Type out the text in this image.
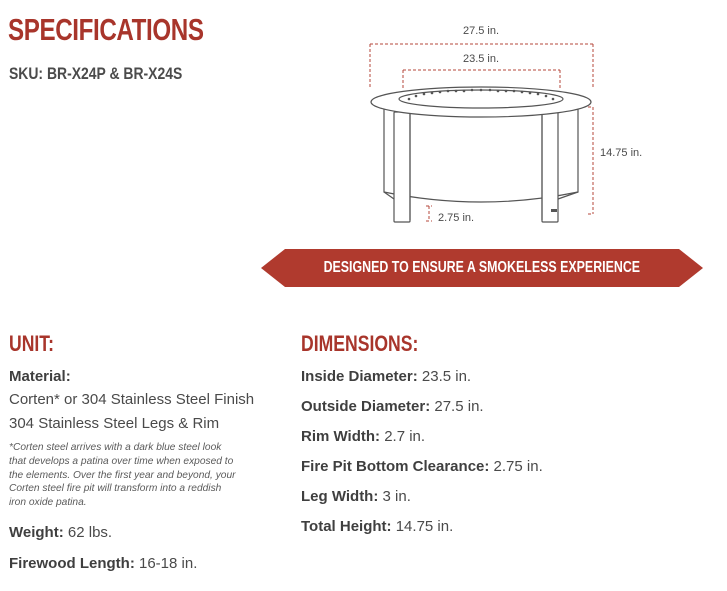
SPECIFICATIONS
SKU: BR-X24P & BR-X24S
27.5 in.
23.5 in.
14.75 in.
2.75 in.
DESIGNED TO ENSURE A SMOKELESS EXPERIENCE
UNIT:
Material:
Corten* or 304 Stainless Steel Finish
304 Stainless Steel Legs & Rim
*Corten steel arrives with a dark blue steel look
that develops a patina over time when exposed to
the elements. Over the first year and beyond, your
Corten steel fire pit will transform into a reddish
iron oxide patina.
Weight: 62 lbs.
Firewood Length: 16-18 in.
DIMENSIONS:
Inside Diameter: 23.5 in.
Outside Diameter: 27.5 in.
Rim Width: 2.7 in.
Fire Pit Bottom Clearance: 2.75 in.
Leg Width: 3 in.
Total Height: 14.75 in.
